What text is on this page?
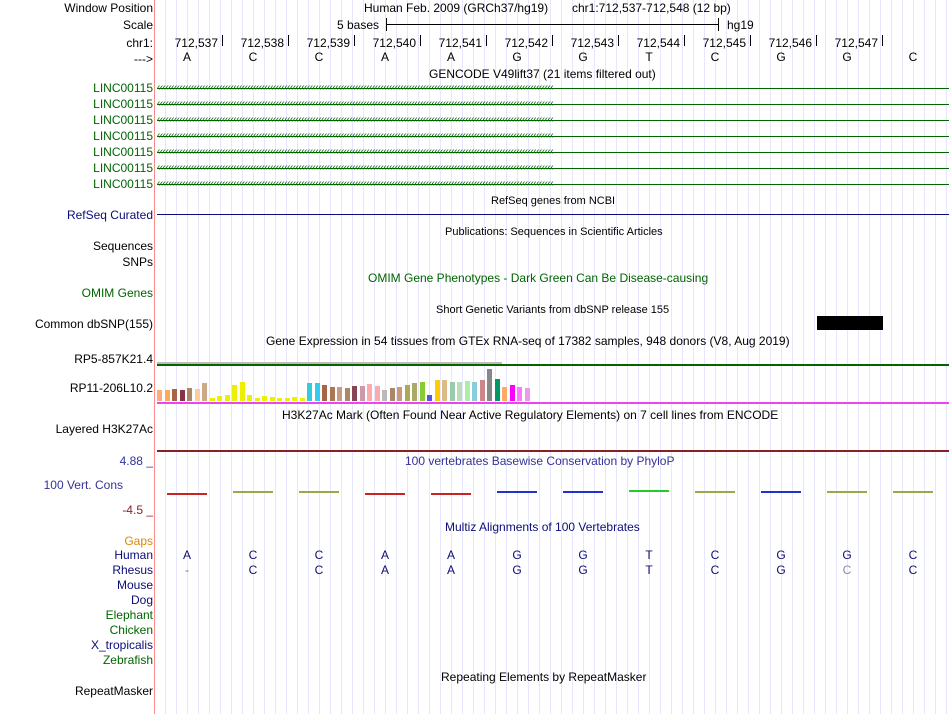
Window Position	Human Feb. 2009 (GRCh37/hg19) chr1:712,537-712,548 (12 bp)
Scale	5 bases	hg19
chr1: 712,537 712,538 712,539 712,540 712,541 712,542 712,543 712,544 712,545 712,546 712,547
--->	A	C	C	A	A	G	G	T	C	G	G	C
GENCODE V49lift37 (21 items filtered out)
LINC00115 ‹‹‹‹‹‹‹‹‹‹‹‹‹‹‹‹‹‹‹‹‹‹‹‹‹‹‹‹‹‹‹‹‹‹‹‹‹‹‹‹‹‹‹‹‹‹‹‹‹‹‹‹‹‹‹‹‹‹‹‹‹‹‹‹‹‹‹‹‹‹‹‹‹‹‹‹‹‹‹‹‹‹‹‹‹‹‹‹‹‹‹‹‹‹‹‹‹‹‹‹‹‹‹‹‹‹‹‹‹‹‹‹‹‹‹‹‹‹‹‹‹‹‹‹‹‹‹‹‹‹‹‹‹‹‹‹‹‹‹‹
LINC00115 ‹‹‹‹‹‹‹‹‹‹‹‹‹‹‹‹‹‹‹‹‹‹‹‹‹‹‹‹‹‹‹‹‹‹‹‹‹‹‹‹‹‹‹‹‹‹‹‹‹‹‹‹‹‹‹‹‹‹‹‹‹‹‹‹‹‹‹‹‹‹‹‹‹‹‹‹‹‹‹‹‹‹‹‹‹‹‹‹‹‹‹‹‹‹‹‹‹‹‹‹‹‹‹‹‹‹‹‹‹‹‹‹‹‹‹‹‹‹‹‹‹‹‹‹‹‹‹‹‹‹‹‹‹‹‹‹‹‹‹‹
LINC00115 ‹‹‹‹‹‹‹‹‹‹‹‹‹‹‹‹‹‹‹‹‹‹‹‹‹‹‹‹‹‹‹‹‹‹‹‹‹‹‹‹‹‹‹‹‹‹‹‹‹‹‹‹‹‹‹‹‹‹‹‹‹‹‹‹‹‹‹‹‹‹‹‹‹‹‹‹‹‹‹‹‹‹‹‹‹‹‹‹‹‹‹‹‹‹‹‹‹‹‹‹‹‹‹‹‹‹‹‹‹‹‹‹‹‹‹‹‹‹‹‹‹‹‹‹‹‹‹‹‹‹‹‹‹‹‹‹‹‹‹‹
LINC00115 ‹‹‹‹‹‹‹‹‹‹‹‹‹‹‹‹‹‹‹‹‹‹‹‹‹‹‹‹‹‹‹‹‹‹‹‹‹‹‹‹‹‹‹‹‹‹‹‹‹‹‹‹‹‹‹‹‹‹‹‹‹‹‹‹‹‹‹‹‹‹‹‹‹‹‹‹‹‹‹‹‹‹‹‹‹‹‹‹‹‹‹‹‹‹‹‹‹‹‹‹‹‹‹‹‹‹‹‹‹‹‹‹‹‹‹‹‹‹‹‹‹‹‹‹‹‹‹‹‹‹‹‹‹‹‹‹‹‹‹‹
LINC00115 ‹‹‹‹‹‹‹‹‹‹‹‹‹‹‹‹‹‹‹‹‹‹‹‹‹‹‹‹‹‹‹‹‹‹‹‹‹‹‹‹‹‹‹‹‹‹‹‹‹‹‹‹‹‹‹‹‹‹‹‹‹‹‹‹‹‹‹‹‹‹‹‹‹‹‹‹‹‹‹‹‹‹‹‹‹‹‹‹‹‹‹‹‹‹‹‹‹‹‹‹‹‹‹‹‹‹‹‹‹‹‹‹‹‹‹‹‹‹‹‹‹‹‹‹‹‹‹‹‹‹‹‹‹‹‹‹‹‹‹‹
LINC00115 ‹‹‹‹‹‹‹‹‹‹‹‹‹‹‹‹‹‹‹‹‹‹‹‹‹‹‹‹‹‹‹‹‹‹‹‹‹‹‹‹‹‹‹‹‹‹‹‹‹‹‹‹‹‹‹‹‹‹‹‹‹‹‹‹‹‹‹‹‹‹‹‹‹‹‹‹‹‹‹‹‹‹‹‹‹‹‹‹‹‹‹‹‹‹‹‹‹‹‹‹‹‹‹‹‹‹‹‹‹‹‹‹‹‹‹‹‹‹‹‹‹‹‹‹‹‹‹‹‹‹‹‹‹‹‹‹‹‹‹‹
LINC00115 ‹‹‹‹‹‹‹‹‹‹‹‹‹‹‹‹‹‹‹‹‹‹‹‹‹‹‹‹‹‹‹‹‹‹‹‹‹‹‹‹‹‹‹‹‹‹‹‹‹‹‹‹‹‹‹‹‹‹‹‹‹‹‹‹‹‹‹‹‹‹‹‹‹‹‹‹‹‹‹‹‹‹‹‹‹‹‹‹‹‹‹‹‹‹‹‹‹‹‹‹‹‹‹‹‹‹‹‹‹‹‹‹‹‹‹‹‹‹‹‹‹‹‹‹‹‹‹‹‹‹‹‹‹‹‹‹‹‹‹‹
RefSeq genes from NCBI
RefSeq Curated
Publications: Sequences in Scientific Articles
Sequences
SNPs
OMIM Gene Phenotypes - Dark Green Can Be Disease-causing
OMIM Genes
Short Genetic Variants from dbSNP release 155
Common dbSNP(155)
Gene Expression in 54 tissues from GTEx RNA-seq of 17382 samples, 948 donors (V8, Aug 2019)
RP5-857K21.4
RP11-206L10.2
H3K27Ac Mark (Often Found Near Active Regulatory Elements) on 7 cell lines from ENCODE
Layered H3K27Ac
100 vertebrates Basewise Conservation by PhyloP
4.88 _
100 Vert. Cons
-4.5 _
Multiz Alignments of 100 Vertebrates
Gaps
Human	A	C	C	A	A	G	G	T	C	G	G	C
Rhesus	-	C	C	A	A	G	G	T	C	G	C	C
Mouse
Dog
Elephant
Chicken
X_tropicalis
Zebrafish
Repeating Elements by RepeatMasker
RepeatMasker
